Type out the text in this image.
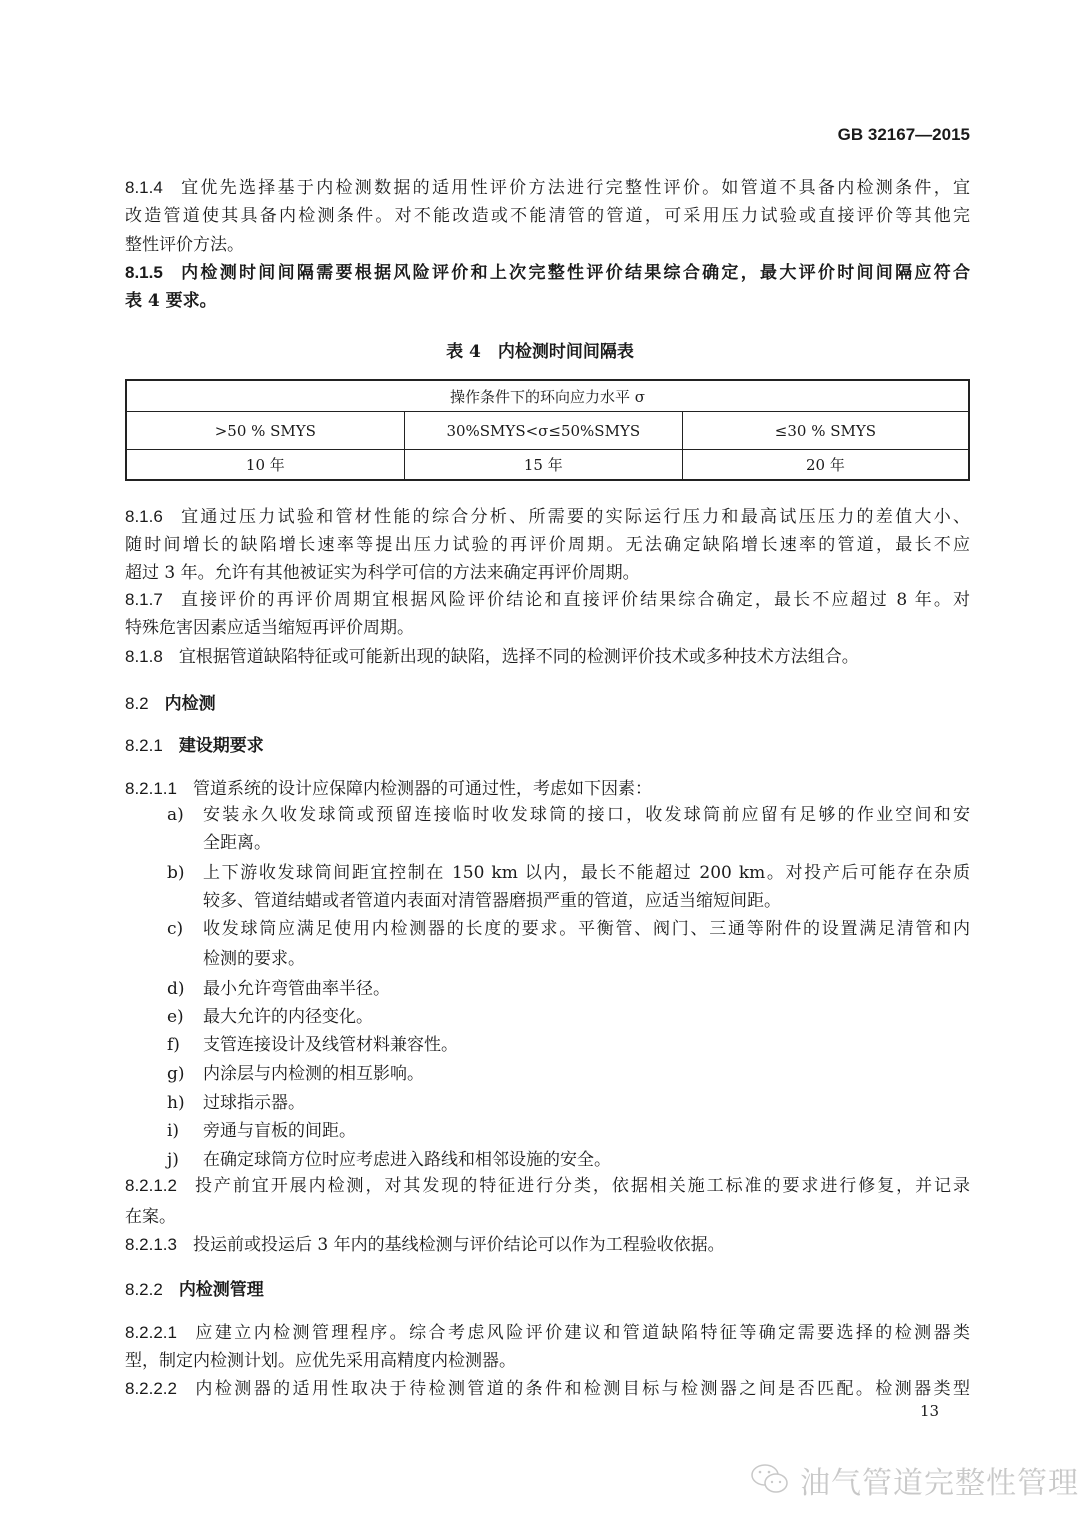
GB 32167—2015
8.1.4 宜优先选择基于内检测数据的适用性评价方法进行完整性评价。如管道不具备内检测条件，宜
改造管道使其具备内检测条件。对不能改造或不能清管的管道，可采用压力试验或直接评价等其他完
整性评价方法。
8.1.5 内检测时间间隔需要根据风险评价和上次完整性评价结果综合确定，最大评价时间间隔应符合
表 4 要求。
表 4　内检测时间间隔表
操作条件下的环向应力水平 σ		
>50 % SMYS	30%SMYS<σ≤50%SMYS	≤30 % SMYS
10 年	15 年	20 年
8.1.6 宜通过压力试验和管材性能的综合分析、所需要的实际运行压力和最高试压压力的差值大小、
随时间增长的缺陷增长速率等提出压力试验的再评价周期。无法确定缺陷增长速率的管道，最长不应
超过 3 年。允许有其他被证实为科学可信的方法来确定再评价周期。
8.1.7 直接评价的再评价周期宜根据风险评价结论和直接评价结果综合确定，最长不应超过 8 年。对
特殊危害因素应适当缩短再评价周期。
8.1.8 宜根据管道缺陷特征或可能新出现的缺陷，选择不同的检测评价技术或多种技术方法组合。
8.2 内检测
8.2.1 建设期要求
8.2.1.1 管道系统的设计应保障内检测器的可通过性，考虑如下因素：
a) 安装永久收发球筒或预留连接临时收发球筒的接口，收发球筒前应留有足够的作业空间和安
全距离。
b) 上下游收发球筒间距宜控制在 150 km 以内，最长不能超过 200 km。对投产后可能存在杂质
较多、管道结蜡或者管道内表面对清管器磨损严重的管道，应适当缩短间距。
c) 收发球筒应满足使用内检测器的长度的要求。平衡管、阀门、三通等附件的设置满足清管和内
检测的要求。
d) 最小允许弯管曲率半径。
e) 最大允许的内径变化。
f) 支管连接设计及线管材料兼容性。
g) 内涂层与内检测的相互影响。
h) 过球指示器。
i) 旁通与盲板的间距。
j) 在确定球筒方位时应考虑进入路线和相邻设施的安全。
8.2.1.2 投产前宜开展内检测，对其发现的特征进行分类，依据相关施工标准的要求进行修复，并记录
在案。
8.2.1.3 投运前或投运后 3 年内的基线检测与评价结论可以作为工程验收依据。
8.2.2 内检测管理
8.2.2.1 应建立内检测管理程序。综合考虑风险评价建议和管道缺陷特征等确定需要选择的检测器类
型，制定内检测计划。应优先采用高精度内检测器。
8.2.2.2 内检测器的适用性取决于待检测管道的条件和检测目标与检测器之间是否匹配。检测器类型
13
油气管道完整性管理
